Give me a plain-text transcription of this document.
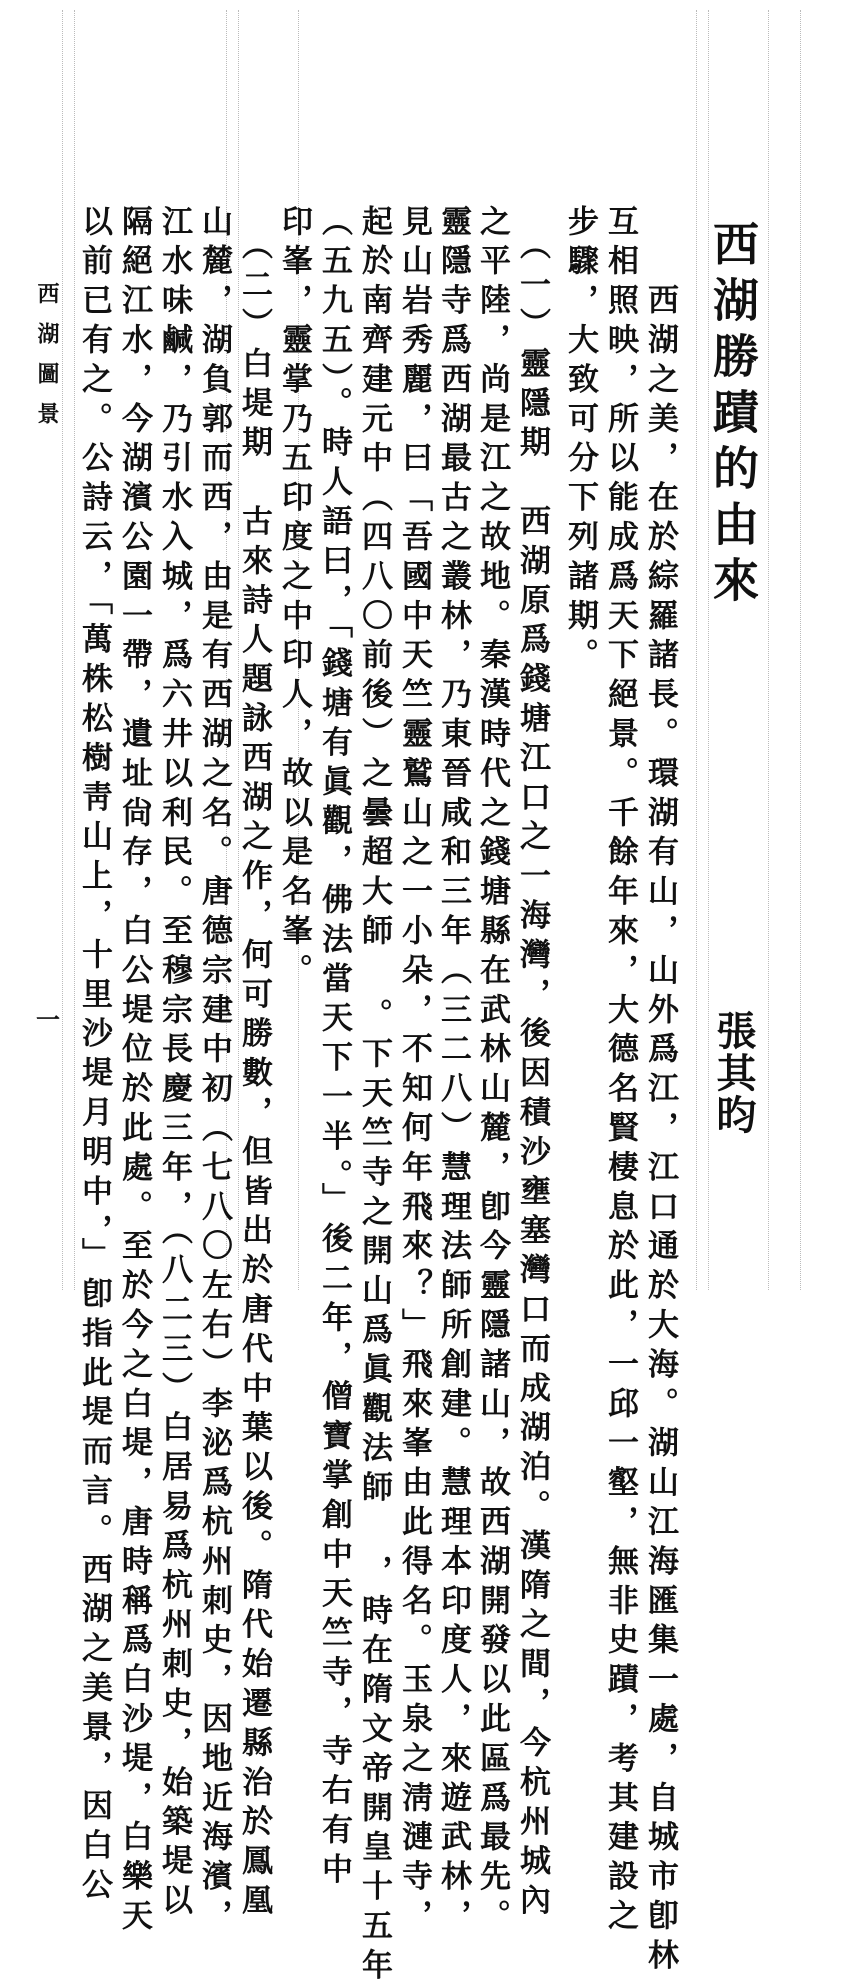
西湖勝蹟的由來
張其昀
　　西湖之美，在於綜羅諸長。環湖有山，山外爲江，江口通於大海。湖山江海匯集一處，自城市卽林
互相照映，所以能成爲天下絕景。千餘年來，大德名賢棲息於此，一邱一壑，無非史蹟，考其建設之
步驟，大致可分下列諸期。
　（一）靈隱期　西湖原爲錢塘江口之一海灣，後因積沙壅塞灣口而成湖泊。漢隋之間，今杭州城內
之平陸，尚是江之故地。秦漢時代之錢塘縣在武林山麓，卽今靈隱諸山，故西湖開發以此區爲最先。
靈隱寺爲西湖最古之叢林，乃東晉咸和三年（三二八）慧理法師所創建。慧理本印度人，來遊武林，
見山岩秀麗，曰「吾國中天竺靈鷲山之一小朵，不知何年飛來？」飛來峯由此得名。玉泉之淸漣寺，
起於南齊建元中（四八〇前後）之曇超大師 。下天竺寺之開山爲眞觀法師 ，時在隋文帝開皇十五年
（五九五）。時人語曰，「錢塘有眞觀，佛法當天下一半。」後二年，僧寶掌創中天竺寺，寺右有中
印峯，靈掌乃五印度之中印人，故以是名峯。
　（二）白堤期　古來詩人題詠西湖之作，何可勝數，但皆出於唐代中葉以後。隋代始遷縣治於鳳凰
山麓，湖負郭而西，由是有西湖之名。唐德宗建中初（七八〇左右）李泌爲杭州刺史，因地近海濱，
江水味鹹，乃引水入城，爲六井以利民。至穆宗長慶三年，（八二三）白居易爲杭州刺史，始築堤以
隔絕江水，今湖濱公園一帶，遺址尙存，白公堤位於此處。至於今之白堤，唐時稱爲白沙堤，白樂天
以前已有之。公詩云，「萬株松樹靑山上，十里沙堤月明中，」卽指此堤而言。西湖之美景，因白公
西湖圖景
一
